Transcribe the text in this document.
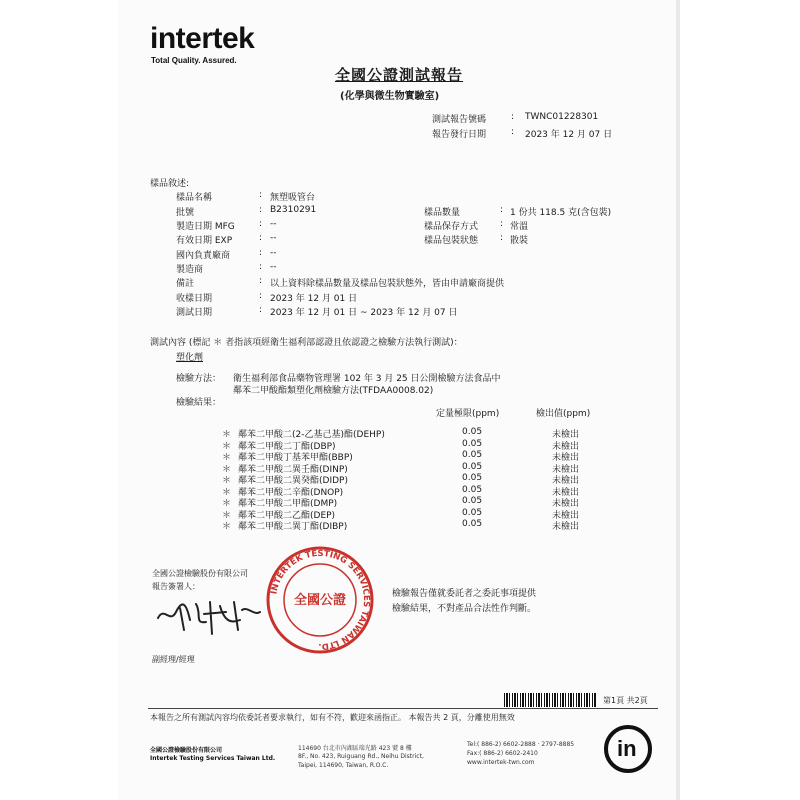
intertek
Total Quality. Assured.
全國公證測試報告
(化學與微生物實驗室)
測試報告號碼	: TWNC01228301
報告發行日期	: 2023 年 12 月 07 日
樣品敘述:
樣品名稱	: 無塑吸管台
批號	: B2310291
製造日期 MFG	: --
有效日期 EXP	: --
國內負責廠商	: --
製造商	: --
備註	: 以上資料除樣品數量及樣品包裝狀態外，皆由申請廠商提供
收樣日期	: 2023 年 12 月 01 日
測試日期	: 2023 年 12 月 01 日 ~ 2023 年 12 月 07 日
樣品數量	: 1 份共 118.5 克(含包裝)
樣品保存方式 : 常溫
樣品包裝狀態 : 散裝
測試內容 (標記 ＊ 者指該項經衛生福利部認證且依認證之檢驗方法執行測試)：
塑化劑
檢驗方法： 衛生福利部食品藥物管理署 102 年 3 月 25 日公開檢驗方法食品中
鄰苯二甲酸酯類塑化劑檢驗方法(TFDAA0008.02)
檢驗結果：
定量極限(ppm)	檢出值(ppm)
＊ 鄰苯二甲酸二(2-乙基己基)酯(DEHP)	0.05	未檢出
＊ 鄰苯二甲酸二丁酯(DBP)	0.05	未檢出
＊ 鄰苯二甲酸丁基苯甲酯(BBP)	0.05	未檢出
＊ 鄰苯二甲酸二異壬酯(DINP)	0.05	未檢出
＊ 鄰苯二甲酸二異癸酯(DIDP)	0.05	未檢出
＊ 鄰苯二甲酸二辛酯(DNOP)	0.05	未檢出
＊ 鄰苯二甲酸二甲酯(DMP)	0.05	未檢出
＊ 鄰苯二甲酸二乙酯(DEP)	0.05	未檢出
＊ 鄰苯二甲酸二異丁酯(DIBP)	0.05	未檢出
全國公證檢驗股份有限公司
報告簽署人：
副經理/經理
INTERTEK TESTING SERVICES TAIWAN LTD.
全國公證	檢驗報告僅就委託者之委託事項提供
檢驗結果，不對產品合法性作判斷。
第1頁 共2頁
本報告之所有測試內容均依委託者要求執行，如有不符，歡迎來函指正。 本報告共 2 頁，分離使用無效
全國公證檢驗股份有限公司
Intertek Testing Services Taiwan Ltd.
114690 台北市內湖區瑞光路 423 號 8 樓
8F., No. 423, Ruiguang Rd., Neihu District,
Taipei, 114690, Taiwan, R.O.C.
Tel:( 886-2) 6602-2888 · 2797-8885
Fax:( 886-2) 6602-2410
www.intertek-twn.com
in
